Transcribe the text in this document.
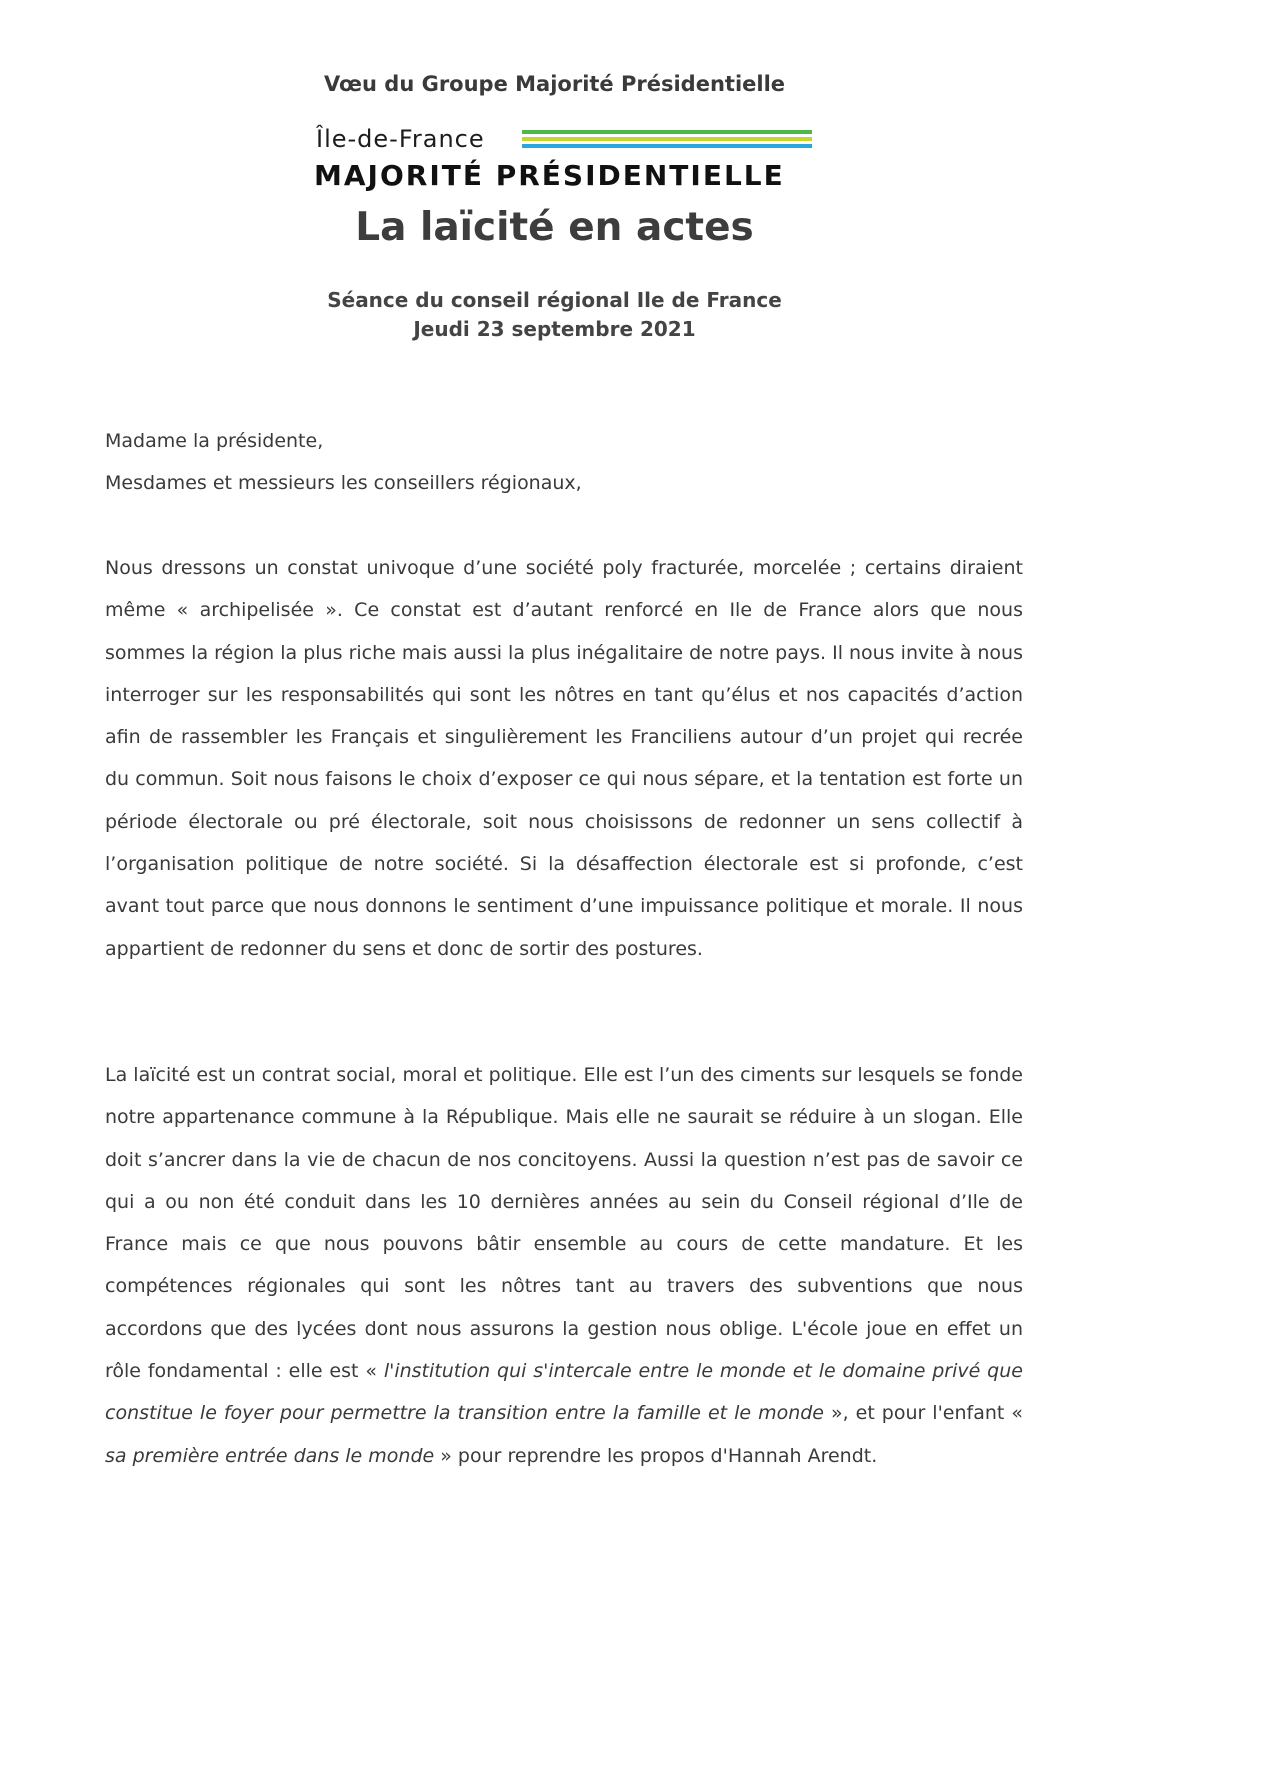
Vœu du Groupe Majorité Présidentielle
Île-de-France
MAJORITÉ PRÉSIDENTIELLE
La laïcité en actes
Séance du conseil régional Ile de France
Jeudi 23 septembre 2021
Madame la présidente,
Mesdames et messieurs les conseillers régionaux,
Nous dressons un constat univoque d’une société poly fracturée, morcelée ; certains diraient même « archipelisée ». Ce constat est d’autant renforcé en Ile de France alors que nous sommes la région la plus riche mais aussi la plus inégalitaire de notre pays. Il nous invite à nous interroger sur les responsabilités qui sont les nôtres en tant qu’élus et nos capacités d’action afin de rassembler les Français et singulièrement les Franciliens autour d’un projet qui recrée du commun. Soit nous faisons le choix d’exposer ce qui nous sépare, et la tentation est forte un période électorale ou pré électorale, soit nous choisissons de redonner un sens collectif à l’organisation politique de notre société. Si la désaffection électorale est si profonde, c’est avant tout parce que nous donnons le sentiment d’une impuissance politique et morale. Il nous appartient de redonner du sens et donc de sortir des postures.
La laïcité est un contrat social, moral et politique. Elle est l’un des ciments sur lesquels se fonde notre appartenance commune à la République. Mais elle ne saurait se réduire à un slogan. Elle doit s’ancrer dans la vie de chacun de nos concitoyens. Aussi la question n’est pas de savoir ce qui a ou non été conduit dans les 10 dernières années au sein du Conseil régional d’Ile de France mais ce que nous pouvons bâtir ensemble au cours de cette mandature. Et les compétences régionales qui sont les nôtres tant au travers des subventions que nous accordons que des lycées dont nous assurons la gestion nous oblige. L'école joue en effet un rôle fondamental : elle est « l'institution qui s'intercale entre le monde et le domaine privé que constitue le foyer pour permettre la transition entre la famille et le monde », et pour l'enfant « sa première entrée dans le monde » pour reprendre les propos d'Hannah Arendt.
